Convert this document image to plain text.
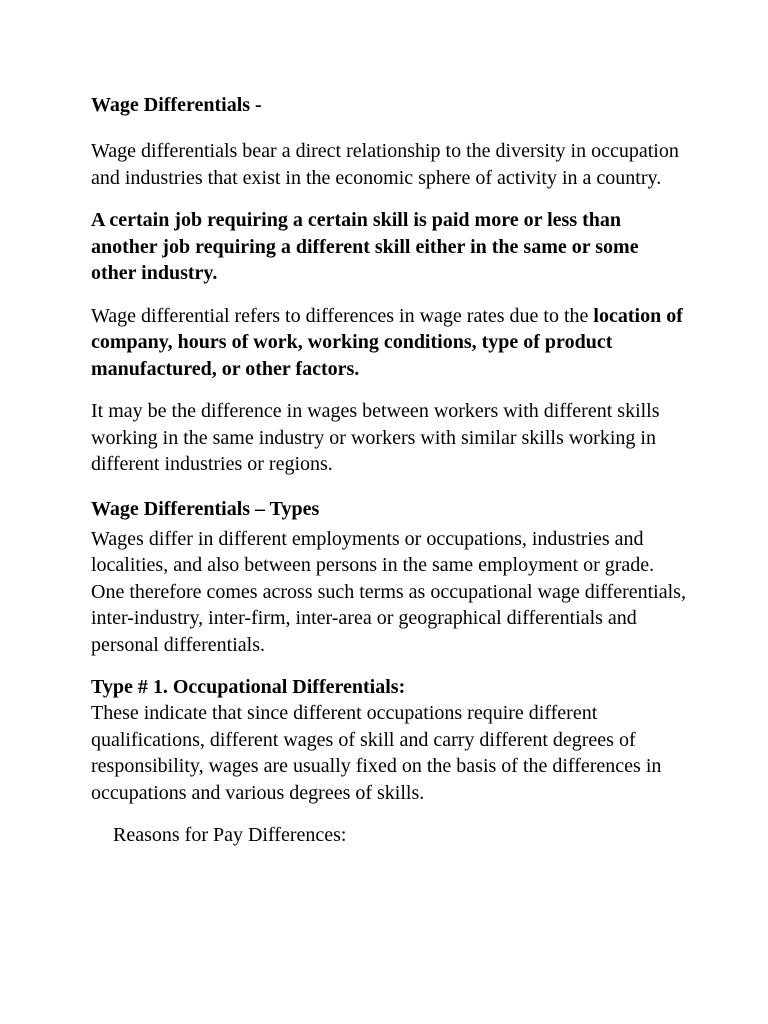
Wage Differentials -

Wage differentials bear a direct relationship to the diversity in occupation and industries that exist in the economic sphere of activity in a country.

A certain job requiring a certain skill is paid more or less than another job requiring a different skill either in the same or some other industry.

Wage differential refers to differences in wage rates due to the location of company, hours of work, working conditions, type of product manufactured, or other factors.

It may be the difference in wages between workers with different skills working in the same industry or workers with similar skills working in different industries or regions.

Wage Differentials – Types

Wages differ in different employments or occupations, industries and localities, and also between persons in the same employment or grade. One therefore comes across such terms as occupational wage differentials, inter-industry, inter-firm, inter-area or geographical differentials and personal differentials.

Type # 1. Occupational Differentials:

These indicate that since different occupations require different qualifications, different wages of skill and carry different degrees of responsibility, wages are usually fixed on the basis of the differences in occupations and various degrees of skills.

Reasons for Pay Differences:
